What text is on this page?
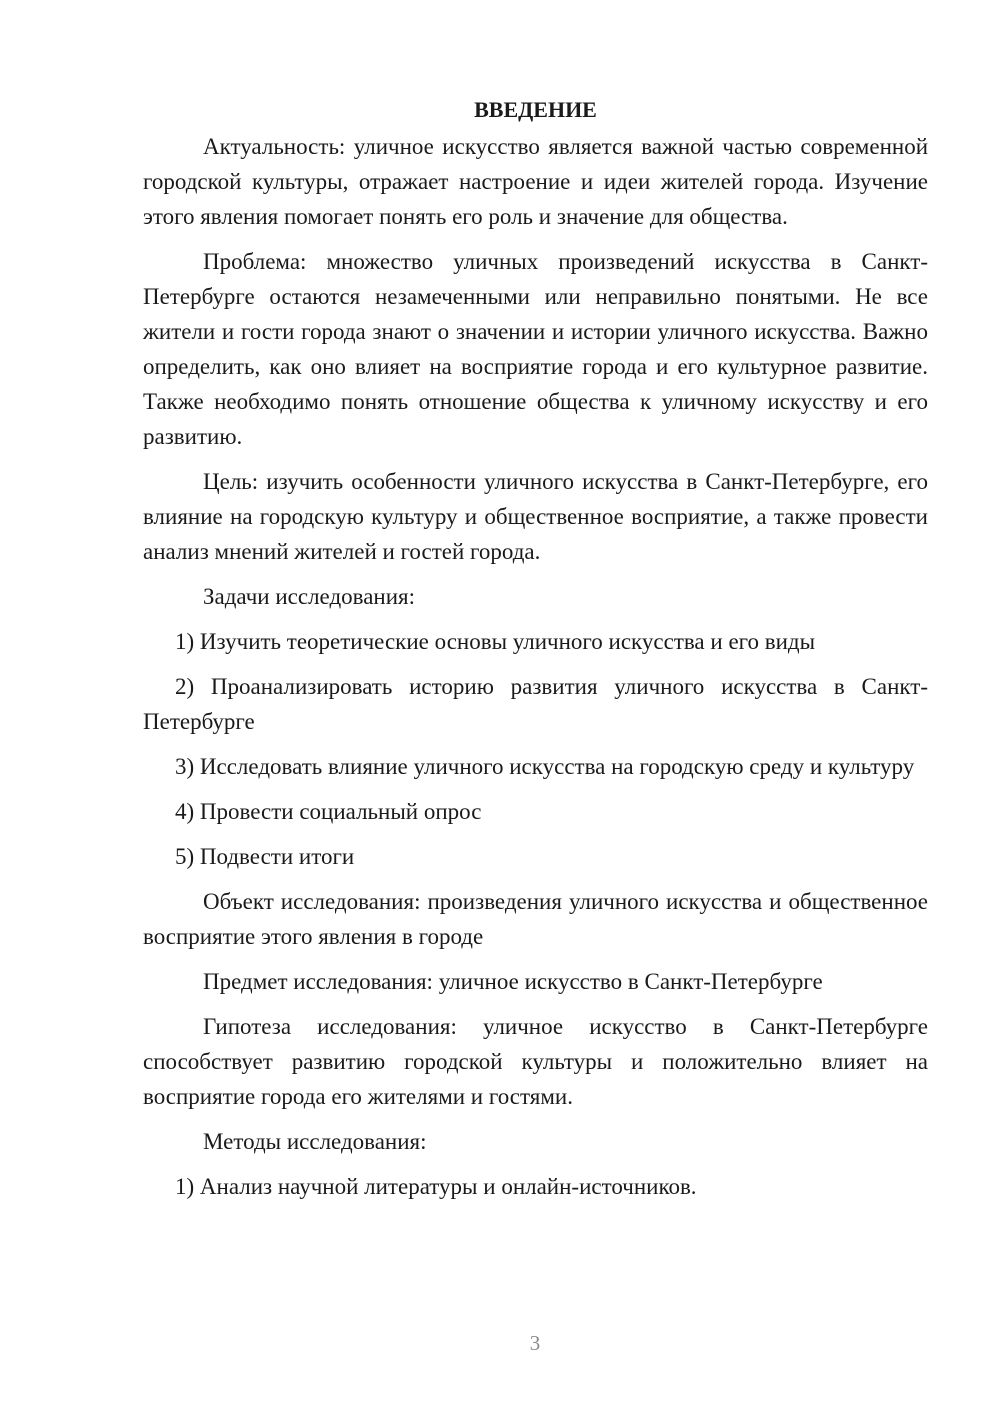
ВВЕДЕНИЕ

Актуальность: уличное искусство является важной частью современной городской культуры, отражает настроение и идеи жителей города. Изучение этого явления помогает понять его роль и значение для общества.

Проблема: множество уличных произведений искусства в Санкт-Петербурге остаются незамеченными или неправильно понятыми. Не все жители и гости города знают о значении и истории уличного искусства. Важно определить, как оно влияет на восприятие города и его культурное развитие. Также необходимо понять отношение общества к уличному искусству и его развитию.

Цель: изучить особенности уличного искусства в Санкт-Петербурге, его влияние на городскую культуру и общественное восприятие, а также провести анализ мнений жителей и гостей города.

Задачи исследования:

1) Изучить теоретические основы уличного искусства и его виды

2) Проанализировать историю развития уличного искусства в Санкт-Петербурге

3) Исследовать влияние уличного искусства на городскую среду и культуру

4) Провести социальный опрос

5) Подвести итоги

Объект исследования: произведения уличного искусства и общественное восприятие этого явления в городе

Предмет исследования: уличное искусство в Санкт-Петербурге

Гипотеза исследования: уличное искусство в Санкт-Петербурге способствует развитию городской культуры и положительно влияет на восприятие города его жителями и гостями.

Методы исследования:

1) Анализ научной литературы и онлайн-источников.

3
